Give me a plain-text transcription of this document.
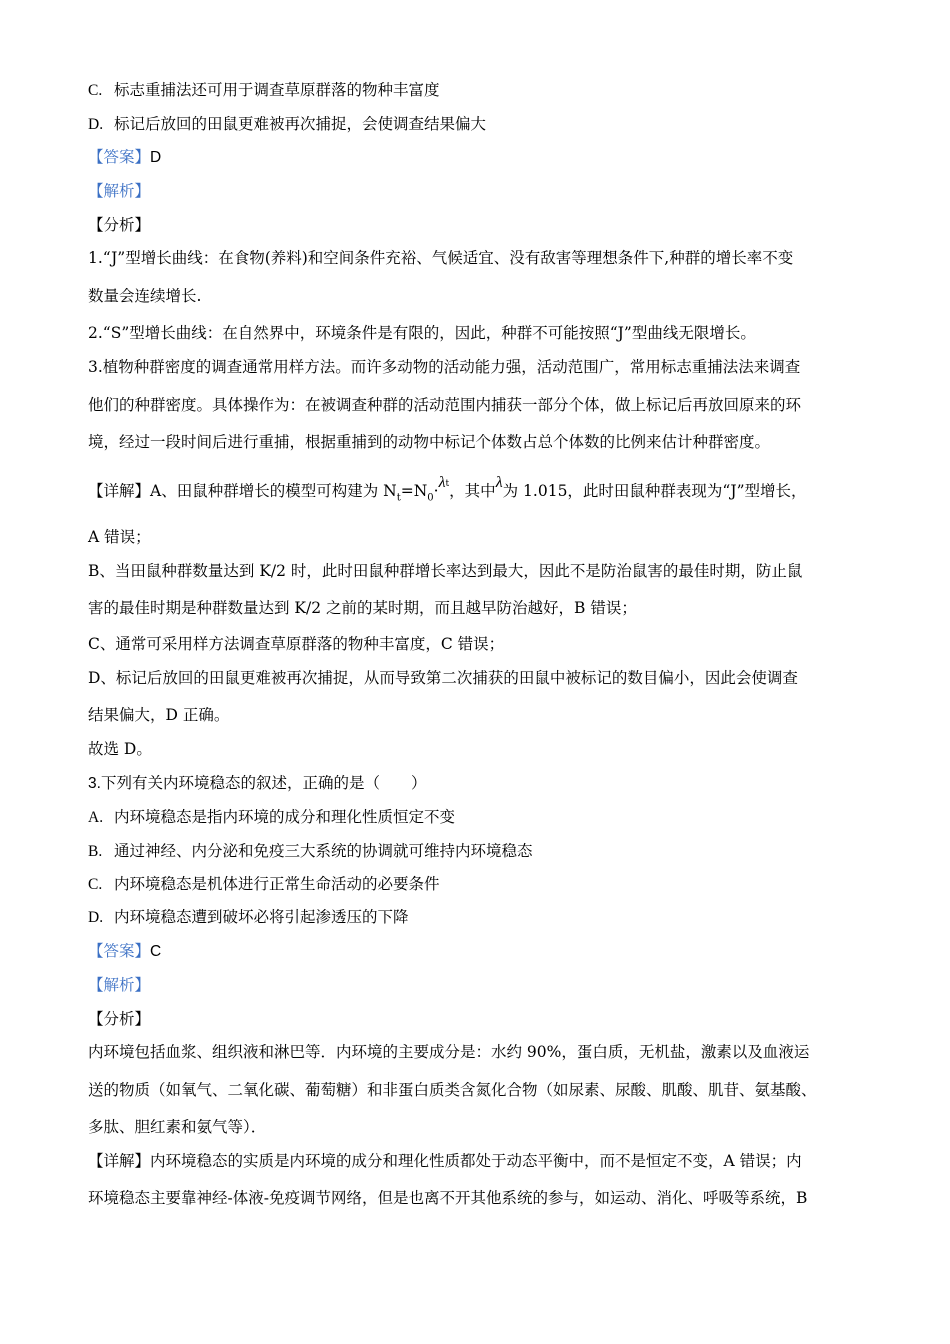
C. 标志重捕法还可用于调查草原群落的物种丰富度
D. 标记后放回的田鼠更难被再次捕捉，会使调查结果偏大
【答案】D
【解析】
【分析】
1.“J”型增长曲线：在食物(养料)和空间条件充裕、气候适宜、没有敌害等理想条件下,种群的增长率不变
数量会连续增长.
2.“S”型增长曲线：在自然界中，环境条件是有限的，因此，种群不可能按照“J”型曲线无限增长。
3.植物种群密度的调查通常用样方法。而许多动物的活动能力强，活动范围广，常用标志重捕法法来调查
他们的种群密度。具体操作为：在被调查种群的活动范围内捕获一部分个体，做上标记后再放回原来的环
境，经过一段时间后进行重捕，根据重捕到的动物中标记个体数占总个体数的比例来估计种群密度。
【详解】A、田鼠种群增长的模型可构建为 $N_t=N_0\cdot\lambda^t$，其中λ为 1.015，此时田鼠种群表现为“J”型增长，
A 错误；
B、当田鼠种群数量达到 K/2 时，此时田鼠种群增长率达到最大，因此不是防治鼠害的最佳时期，防止鼠
害的最佳时期是种群数量达到 K/2 之前的某时期，而且越早防治越好，B 错误；
C、通常可采用样方法调查草原群落的物种丰富度，C 错误；
D、标记后放回的田鼠更难被再次捕捉，从而导致第二次捕获的田鼠中被标记的数目偏小，因此会使调查
结果偏大，D 正确。
故选 D。
3.下列有关内环境稳态的叙述，正确的是（　　）
A. 内环境稳态是指内环境的成分和理化性质恒定不变
B. 通过神经、内分泌和免疫三大系统的协调就可维持内环境稳态
C. 内环境稳态是机体进行正常生命活动的必要条件
D. 内环境稳态遭到破坏必将引起渗透压的下降
【答案】C
【解析】
【分析】
内环境包括血浆、组织液和淋巴等．内环境的主要成分是：水约 90%，蛋白质，无机盐，激素以及血液运
送的物质（如氧气、二氧化碳、葡萄糖）和非蛋白质类含氮化合物（如尿素、尿酸、肌酸、肌苷、氨基酸、
多肽、胆红素和氨气等）．
【详解】内环境稳态的实质是内环境的成分和理化性质都处于动态平衡中，而不是恒定不变，A 错误；内
环境稳态主要靠神经-体液-免疫调节网络，但是也离不开其他系统的参与，如运动、消化、呼吸等系统，B
